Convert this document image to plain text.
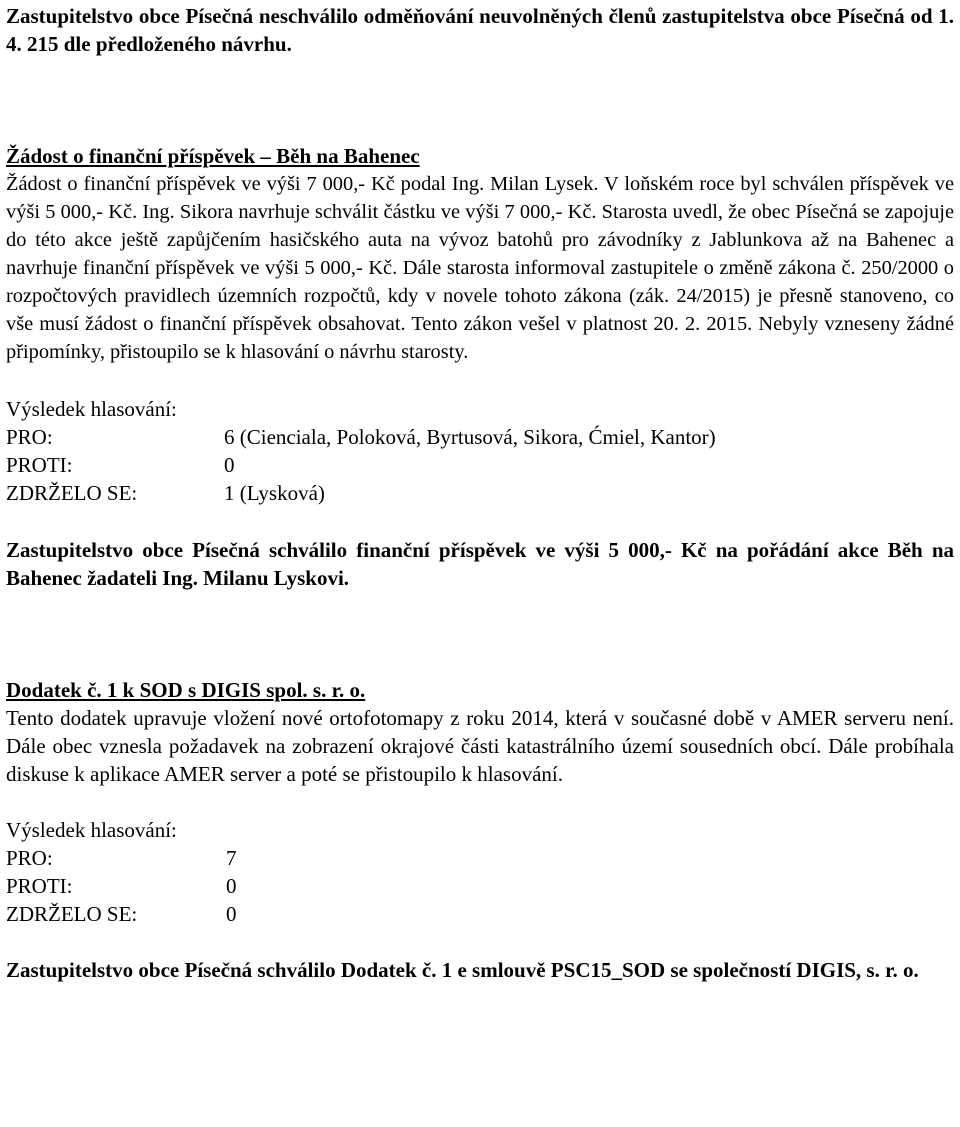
Zastupitelstvo obce Písečná neschválilo odměňování neuvolněných členů zastupitelstva obce Písečná od 1. 4. 215 dle předloženého návrhu.

Žádost o finanční příspěvek – Běh na Bahenec

Žádost o finanční příspěvek ve výši 7 000,- Kč podal Ing. Milan Lysek. V loňském roce byl schválen příspěvek ve výši 5 000,- Kč. Ing. Sikora navrhuje schválit částku ve výši 7 000,- Kč. Starosta uvedl, že obec Písečná se zapojuje do této akce ještě zapůjčením hasičského auta na vývoz batohů pro závodníky z Jablunkova až na Bahenec a navrhuje finanční příspěvek ve výši 5 000,- Kč. Dále starosta informoval zastupitele o změně zákona č. 250/2000 o rozpočtových pravidlech územních rozpočtů, kdy v novele tohoto zákona (zák. 24/2015) je přesně stanoveno, co vše musí žádost o finanční příspěvek obsahovat. Tento zákon vešel v platnost 20. 2. 2015. Nebyly vzneseny žádné připomínky, přistoupilo se k hlasování o návrhu starosty.

Výsledek hlasování:

PRO:	6 (Cienciala, Poloková, Byrtusová, Sikora, Ćmiel, Kantor)
PROTI:	0
ZDRŽELO SE:	1 (Lysková)

Zastupitelstvo obce Písečná schválilo finanční příspěvek ve výši 5 000,- Kč na pořádání akce Běh na Bahenec žadateli Ing. Milanu Lyskovi.

Dodatek č. 1 k SOD s DIGIS spol. s. r. o.

Tento dodatek upravuje vložení nové ortofotomapy z roku 2014, která v současné době v AMER serveru není. Dále obec vznesla požadavek na zobrazení okrajové části katastrálního území sousedních obcí. Dále probíhala diskuse k aplikace AMER server a poté se přistoupilo k hlasování.

Výsledek hlasování:

PRO:	7
PROTI:	0
ZDRŽELO SE:	0

Zastupitelstvo obce Písečná schválilo Dodatek č. 1 e smlouvě PSC15_SOD se společností DIGIS, s. r. o.
